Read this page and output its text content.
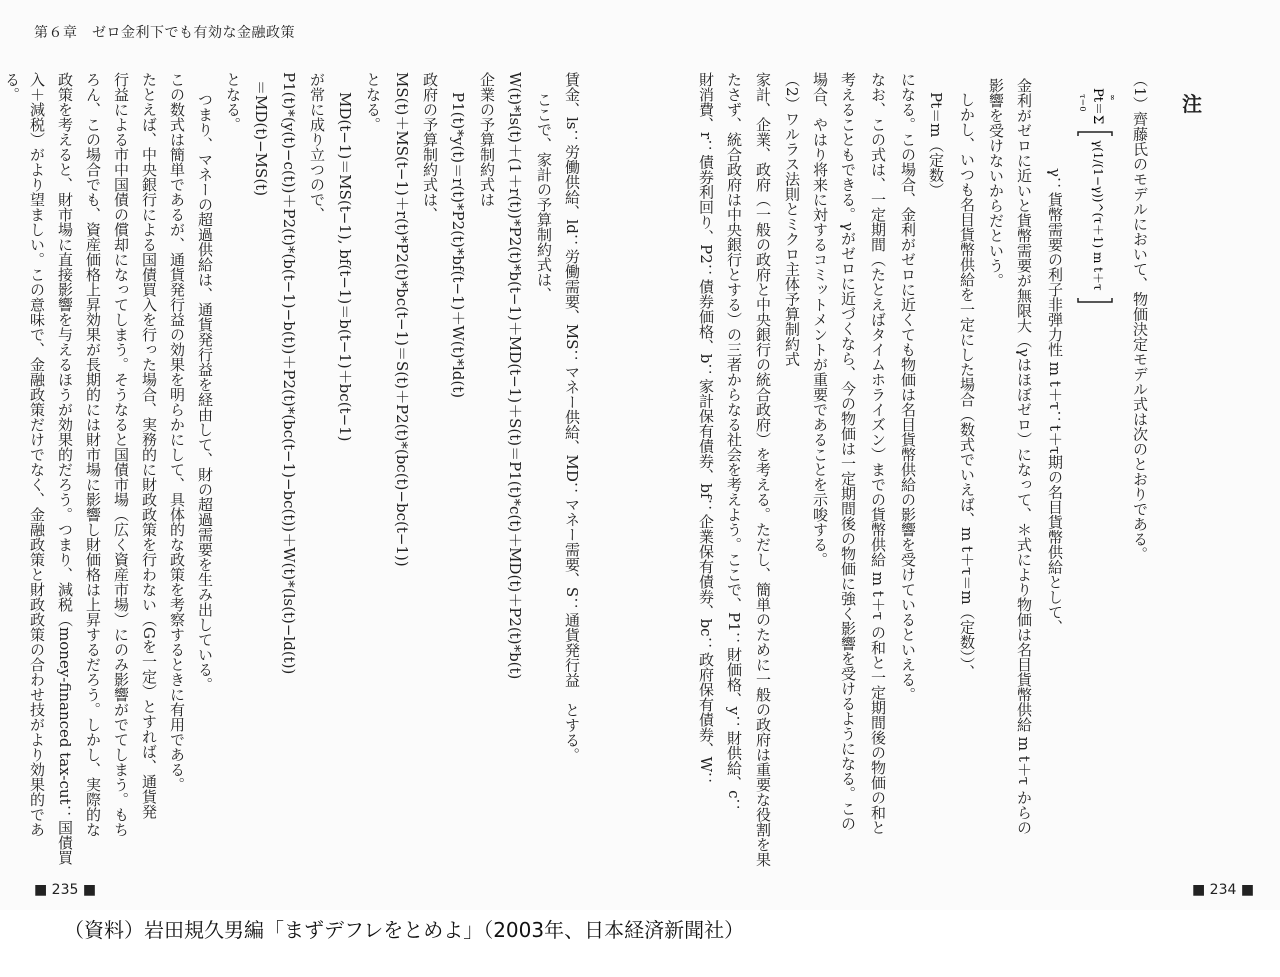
第６章　ゼロ金利下でも有効な金融政策
注
（1）齊藤氏のモデルにおいて、物価決定モデル式は次のとおりである。
γ：貨幣需要の利子非弾力性 m t＋τ：t＋τ期の名目貨幣供給として、
金利がゼロに近いと貨幣需要が無限大（γはほぼゼロ）になって、＊式により物価は名目貨幣供給 m t＋τ からの
影響を受けないからだという。
しかし、いつも名目貨幣供給を一定にした場合（数式でいえば、m t＋τ＝m（定数））、
Pt＝m（定数）
になる。この場合、金利がゼロに近くても物価は名目貨幣供給の影響を受けているといえる。
なお、この式は、一定期間（たとえばタイムホライズン）までの貨幣供給 m t＋τ の和と一定期間後の物価の和と
考えることもできる。γがゼロに近づくなら、今の物価は一定期間後の物価に強く影響を受けるようになる。この
場合、やはり将来に対するコミットメントが重要であることを示唆する。
（2）ワルラス法則とミクロ主体予算制約式
家計、企業、政府（一般の政府と中央銀行の統合政府）を考える。ただし、簡単のために一般の政府は重要な役割を果
たさず、統合政府は中央銀行とする）の三者からなる社会を考えよう。ここで、P1：財価格、y：財供給、c：
財消費、r：債券利回り、P2：債券価格、b：家計保有債券、bf：企業保有債券、bc：政府保有債券、W：	Pt＝Σ ∞
τ＝0
γ(1/(1−γ))^(τ＋1) m t＋τ
賃金、ls：労働供給、ld：労働需要、MS：マネー供給、MD：マネー需要、S：通貨発行益　とする。
ここで、家計の予算制約式は、
W(t)*ls(t)＋(1＋r(t))*P2(t)*b(t−1)＋MD(t−1)＋S(t)＝P1(t)*c(t)＋MD(t)＋P2(t)*b(t)
企業の予算制約式は
P1(t)*y(t)＝r(t)*P2(t)*bf(t−1)＋W(t)*ld(t)
政府の予算制約式は、
MS(t)＋MS(t−1)＋r(t)*P2(t)*bc(t−1)＝S(t)＋P2(t)*(bc(t)−bc(t−1))
となる。
MD(t−1)＝MS(t−1), bf(t−1)＝b(t−1)＋bc(t−1)
が常に成り立つので、
P1(t)*(y(t)−c(t))＋P2(t)*(b(t−1)−b(t))＋P2(t)*(bc(t−1)−bc(t))＋W(t)*(ls(t)−ld(t))
＝MD(t)−MS(t)
となる。
つまり、マネーの超過供給は、通貨発行益を経由して、財の超過需要を生み出している。
この数式は簡単であるが、通貨発行益の効果を明らかにして、具体的な政策を考察するときに有用である。
たとえば、中央銀行による国債買入を行った場合、実務的に財政政策を行わない（Gを一定）とすれば、通貨発
行益による市中国債の償却になってしまう。そうなると国債市場（広く資産市場）にのみ影響がでてしまう。もち
ろん、この場合でも、資産価格上昇効果が長期的には財市場に影響し財価格は上昇するだろう。しかし、実際的な
政策を考えると、財市場に直接影響を与えるほうが効果的だろう。つまり、減税（money-financed tax-cut：国債買
入＋減税）がより望ましい。この意味で、金融政策だけでなく、金融政策と財政政策の合わせ技がより効果的であ
る。
■ 235 ■	■ 234 ■
（資料）岩田規久男編「まずデフレをとめよ」（2003年、日本経済新聞社）
